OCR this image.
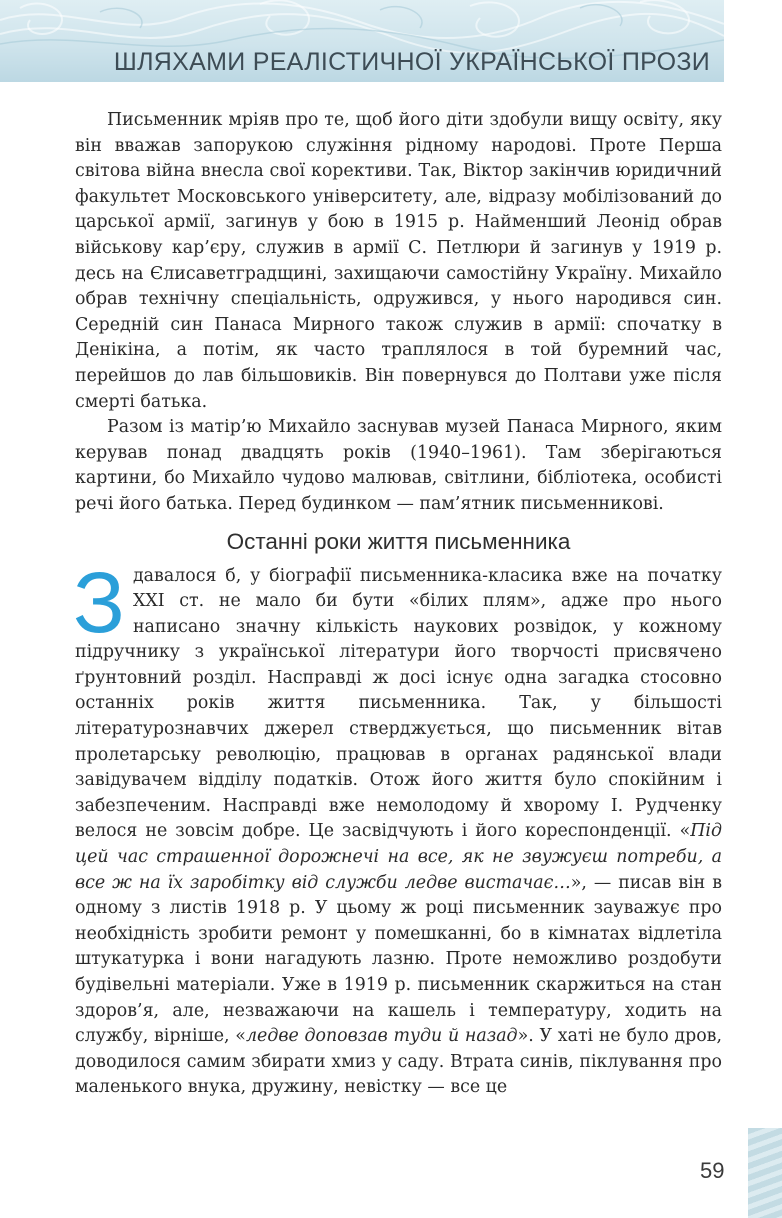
ШЛЯХАМИ РЕАЛІСТИЧНОЇ УКРАЇНСЬКОЇ ПРОЗИ

Письменник мріяв про те, щоб його діти здобули вищу освіту, яку він вважав запорукою служіння рідному народові. Проте Перша світова війна внесла свої корективи. Так, Віктор закінчив юридичний факультет Московського університету, але, відразу мобілізований до царської армії, загинув у бою в 1915 р. Найменший Леонід обрав військову кар’єру, служив в армії С. Петлюри й загинув у 1919 р. десь на Єлисаветградщині, захищаючи самостійну Україну. Михайло обрав технічну спеціальність, одружився, у нього народився син. Середній син Панаса Мирного також служив в армії: спочатку в Денікіна, а потім, як часто траплялося в той буремний час, перейшов до лав більшовиків. Він повернувся до Полтави уже після смерті батька.

Разом із матір’ю Михайло заснував музей Панаса Мирного, яким керував понад двадцять років (1940–1961). Там зберігаються картини, бо Михайло чудово малював, світлини, бібліотека, особисті речі його батька. Перед будинком — пам’ятник письменникові.

Останні роки життя письменника

Здавалося б, у біографії письменника-класика вже на початку XXI ст. не мало би бути «білих плям», адже про нього написано значну кількість наукових розвідок, у кожному підручнику з української літератури його творчості присвячено ґрунтовний розділ. Насправді ж досі існує одна загадка стосовно останніх років життя письменника. Так, у більшості літературознавчих джерел стверджується, що письменник вітав пролетарську революцію, працював в органах радянської влади завідувачем відділу податків. Отож його життя було спокійним і забезпеченим. Насправді вже немолодому й хворому І. Рудченку велося не зовсім добре. Це засвідчують і його кореспонденції. «Під цей час страшенної дорожнечі на все, як не звужуєш потреби, а все ж на їх заробітку від служби ледве вистачає…», — писав він в одному з листів 1918 р. У цьому ж році письменник зауважує про необхідність зробити ремонт у помешканні, бо в кімнатах відлетіла штукатурка і вони нагадують лазню. Проте неможливо роздобути будівельні матеріали. Уже в 1919 р. письменник скаржиться на стан здоров’я, але, незважаючи на кашель і температуру, ходить на службу, вірніше, «ледве доповзав туди й назад». У хаті не було дров, доводилося самим збирати хмиз у саду. Втрата синів, піклування про маленького внука, дружину, невістку — все це

59
